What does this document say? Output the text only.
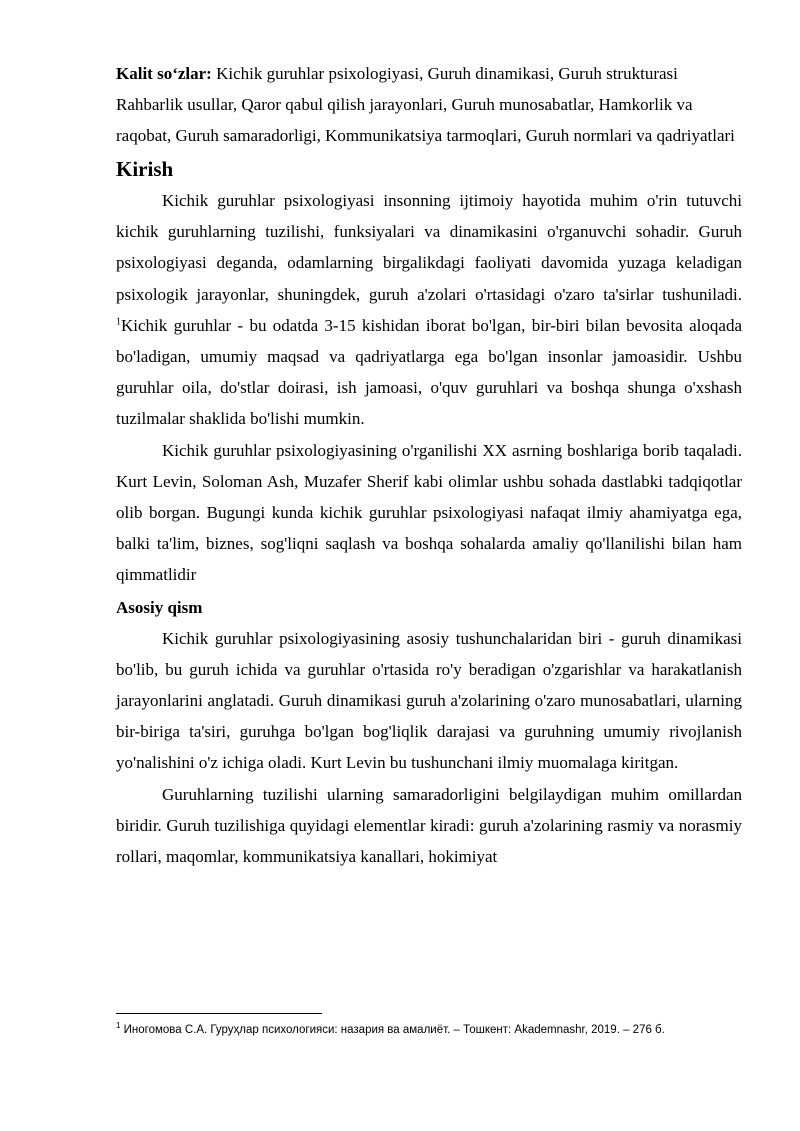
Kalit so‘zlar: Kichik guruhlar psixologiyasi, Guruh dinamikasi, Guruh strukturasi Rahbarlik usullar, Qaror qabul qilish jarayonlari, Guruh munosabatlar, Hamkorlik va raqobat, Guruh samaradorligi, Kommunikatsiya tarmoqlari, Guruh normlari va qadriyatlari

Kirish

Kichik guruhlar psixologiyasi insonning ijtimoiy hayotida muhim o'rin tutuvchi kichik guruhlarning tuzilishi, funksiyalari va dinamikasini o'rganuvchi sohadir. Guruh psixologiyasi deganda, odamlarning birgalikdagi faoliyati davomida yuzaga keladigan psixologik jarayonlar, shuningdek, guruh a'zolari o'rtasidagi o'zaro ta'sirlar tushuniladi. $^1$Kichik guruhlar - bu odatda 3-15 kishidan iborat bo'lgan, bir-biri bilan bevosita aloqada bo'ladigan, umumiy maqsad va qadriyatlarga ega bo'lgan insonlar jamoasidir. Ushbu guruhlar oila, do'stlar doirasi, ish jamoasi, o'quv guruhlari va boshqa shunga o'xshash tuzilmalar shaklida bo'lishi mumkin.

Kichik guruhlar psixologiyasining o'rganilishi XX asrning boshlariga borib taqaladi. Kurt Levin, Soloman Ash, Muzafer Sherif kabi olimlar ushbu sohada dastlabki tadqiqotlar olib borgan. Bugungi kunda kichik guruhlar psixologiyasi nafaqat ilmiy ahamiyatga ega, balki ta'lim, biznes, sog'liqni saqlash va boshqa sohalarda amaliy qo'llanilishi bilan ham qimmatlidir

Asosiy qism

Kichik guruhlar psixologiyasining asosiy tushunchalaridan biri - guruh dinamikasi bo'lib, bu guruh ichida va guruhlar o'rtasida ro'y beradigan o'zgarishlar va harakatlanish jarayonlarini anglatadi. Guruh dinamikasi guruh a'zolarining o'zaro munosabatlari, ularning bir-biriga ta'siri, guruhga bo'lgan bog'liqlik darajasi va guruhning umumiy rivojlanish yo'nalishini o'z ichiga oladi. Kurt Levin bu tushunchani ilmiy muomalaga kiritgan.

Guruhlarning tuzilishi ularning samaradorligini belgilaydigan muhim omillardan biridir. Guruh tuzilishiga quyidagi elementlar kiradi: guruh a'zolarining rasmiy va norasmiy rollari, maqomlar, kommunikatsiya kanallari, hokimiyat

$^1$ Иногомова С.А. Гуруҳлар психологияси: назария ва амалиёт. – Тошкент: Akademnashr, 2019. – 276 б.
